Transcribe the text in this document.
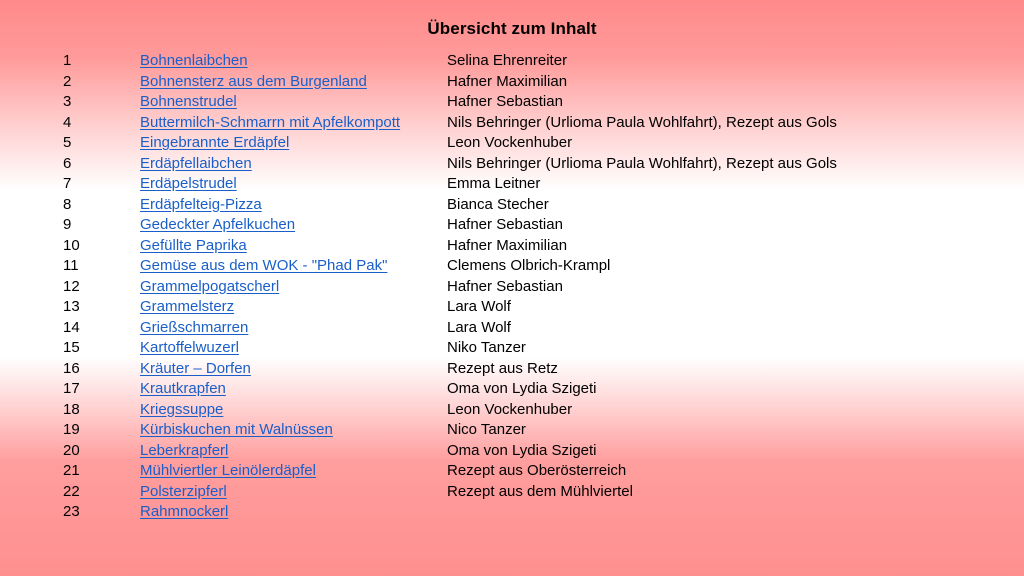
Übersicht zum Inhalt
1	Bohnenlaibchen	Selina Ehrenreiter
2	Bohnensterz aus dem Burgenland	Hafner Maximilian
3	Bohnenstrudel	Hafner Sebastian
4	Buttermilch-Schmarrn mit Apfelkompott	Nils Behringer (Urlioma Paula Wohlfahrt), Rezept aus Gols
5	Eingebrannte Erdäpfel	Leon Vockenhuber
6	Erdäpfellaibchen	Nils Behringer (Urlioma Paula Wohlfahrt), Rezept aus Gols
7	Erdäpelstrudel	Emma Leitner
8	Erdäpfelteig-Pizza	Bianca Stecher
9	Gedeckter Apfelkuchen	Hafner Sebastian
10	Gefüllte Paprika	Hafner Maximilian
11	Gemüse aus dem WOK - "Phad Pak"	Clemens Olbrich-Krampl
12	Grammelpogatscherl	Hafner Sebastian
13	Grammelsterz	Lara Wolf
14	Grießschmarren	Lara Wolf
15	Kartoffelwuzerl	Niko Tanzer
16	Kräuter – Dorfen	Rezept aus Retz
17	Krautkrapfen	Oma von Lydia Szigeti
18	Kriegssuppe	Leon Vockenhuber
19	Kürbiskuchen mit Walnüssen	Nico Tanzer
20	Leberkrapferl	Oma von Lydia Szigeti
21	Mühlviertler Leinölerdäpfel	Rezept aus Oberösterreich
22	Polsterzipferl	Rezept aus dem Mühlviertel
23	Rahmnockerl
